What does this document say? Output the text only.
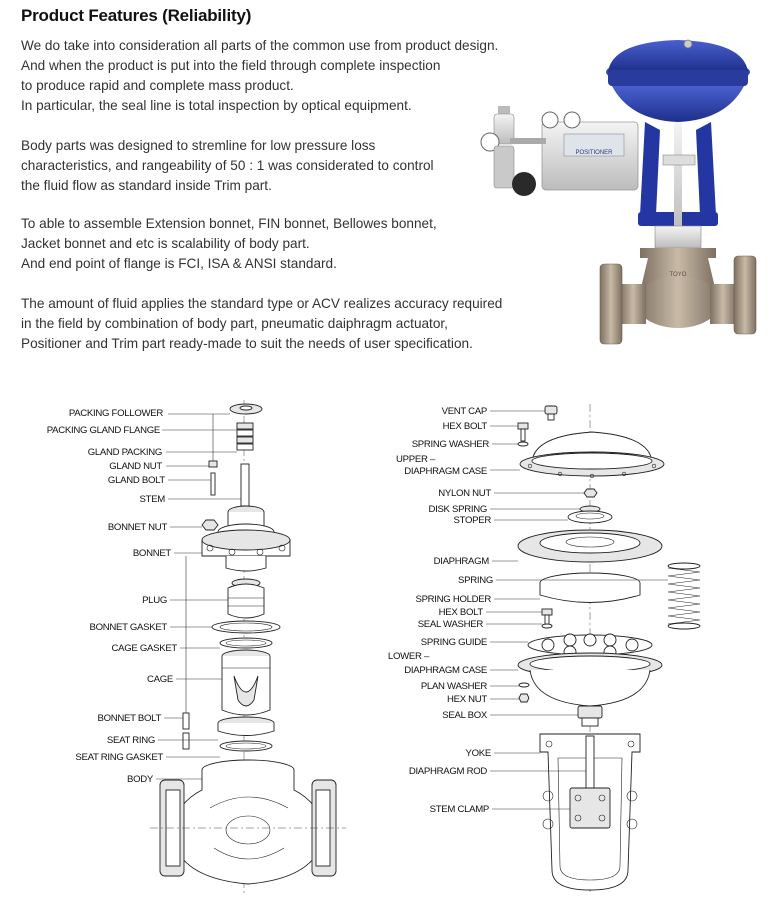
Product Features (Reliability)
We do take into consideration all parts of the common use from product design.
And when the product is put into the field through complete inspection
to produce rapid and complete mass product.
In particular, the seal line is total inspection by optical equipment.
Body parts was designed to stremline for low pressure loss
characteristics, and rangeability of 50 : 1 was considerated to control
the fluid flow as standard inside Trim part.
To able to assemble Extension bonnet, FIN bonnet, Bellowes bonnet,
Jacket bonnet and etc is scalability of body part.
And end point of flange is FCI, ISA & ANSI standard.
The amount of fluid applies the standard type or ACV realizes accuracy required
in the field by combination of body part, pneumatic daiphragm actuator,
Positioner and Trim part ready-made to suit the needs of user specification.
POSITIONER
TOYO
PACKING FOLLOWER
PACKING GLAND FLANGE
GLAND PACKING
GLAND NUT
GLAND BOLT
STEM
BONNET NUT
BONNET
PLUG
BONNET GASKET
CAGE GASKET
CAGE
BONNET BOLT
SEAT RING
SEAT RING GASKET
BODY
VENT CAP
HEX BOLT
SPRING WASHER
UPPER –
DIAPHRAGM CASE
NYLON NUT
DISK SPRING
STOPER
DIAPHRAGM
SPRING
SPRING HOLDER
HEX BOLT
SEAL WASHER
SPRING GUIDE
LOWER –
DIAPHRAGM CASE
PLAN WASHER
HEX NUT
SEAL BOX
YOKE
DIAPHRAGM ROD
STEM CLAMP
